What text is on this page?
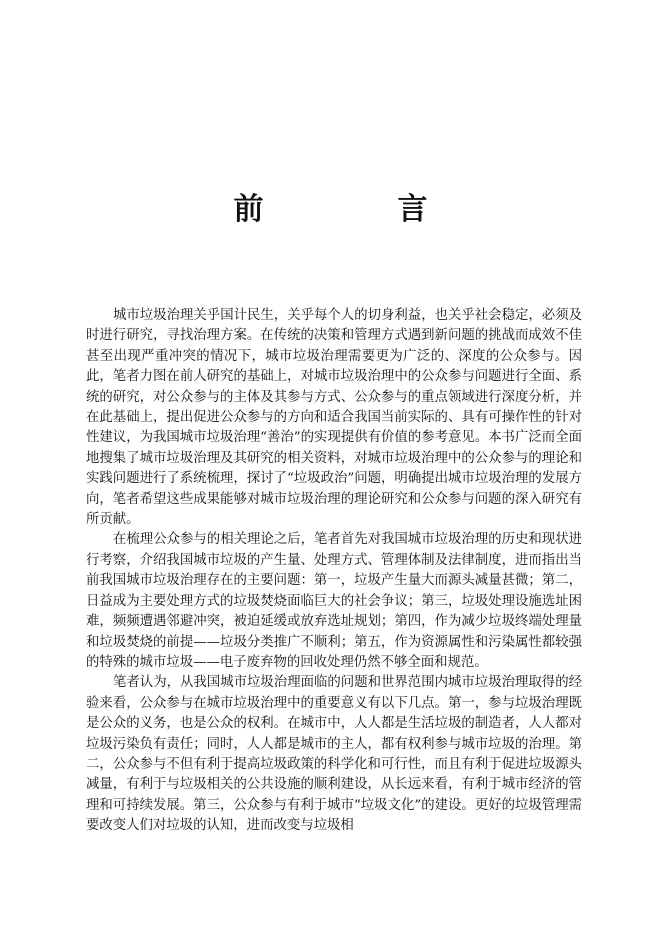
前　言

城市垃圾治理关乎国计民生，关乎每个人的切身利益，也关乎社会稳定，必须及时进行研究，寻找治理方案。在传统的决策和管理方式遇到新问题的挑战而成效不佳甚至出现严重冲突的情况下，城市垃圾治理需要更为广泛的、深度的公众参与。因此，笔者力图在前人研究的基础上，对城市垃圾治理中的公众参与问题进行全面、系统的研究，对公众参与的主体及其参与方式、公众参与的重点领域进行深度分析，并在此基础上，提出促进公众参与的方向和适合我国当前实际的、具有可操作性的针对性建议，为我国城市垃圾治理“善治”的实现提供有价值的参考意见。本书广泛而全面地搜集了城市垃圾治理及其研究的相关资料，对城市垃圾治理中的公众参与的理论和实践问题进行了系统梳理，探讨了“垃圾政治”问题，明确提出城市垃圾治理的发展方向，笔者希望这些成果能够对城市垃圾治理的理论研究和公众参与问题的深入研究有所贡献。

在梳理公众参与的相关理论之后，笔者首先对我国城市垃圾治理的历史和现状进行考察，介绍我国城市垃圾的产生量、处理方式、管理体制及法律制度，进而指出当前我国城市垃圾治理存在的主要问题：第一，垃圾产生量大而源头减量甚微；第二，日益成为主要处理方式的垃圾焚烧面临巨大的社会争议；第三，垃圾处理设施选址困难，频频遭遇邻避冲突，被迫延缓或放弃选址规划；第四，作为减少垃圾终端处理量和垃圾焚烧的前提——垃圾分类推广不顺利；第五，作为资源属性和污染属性都较强的特殊的城市垃圾——电子废弃物的回收处理仍然不够全面和规范。

笔者认为，从我国城市垃圾治理面临的问题和世界范围内城市垃圾治理取得的经验来看，公众参与在城市垃圾治理中的重要意义有以下几点。第一，参与垃圾治理既是公众的义务，也是公众的权利。在城市中，人人都是生活垃圾的制造者，人人都对垃圾污染负有责任；同时，人人都是城市的主人，都有权利参与城市垃圾的治理。第二，公众参与不但有利于提高垃圾政策的科学化和可行性，而且有利于促进垃圾源头减量，有利于与垃圾相关的公共设施的顺利建设，从长远来看，有利于城市经济的管理和可持续发展。第三，公众参与有利于城市“垃圾文化”的建设。更好的垃圾管理需要改变人们对垃圾的认知，进而改变与垃圾相
